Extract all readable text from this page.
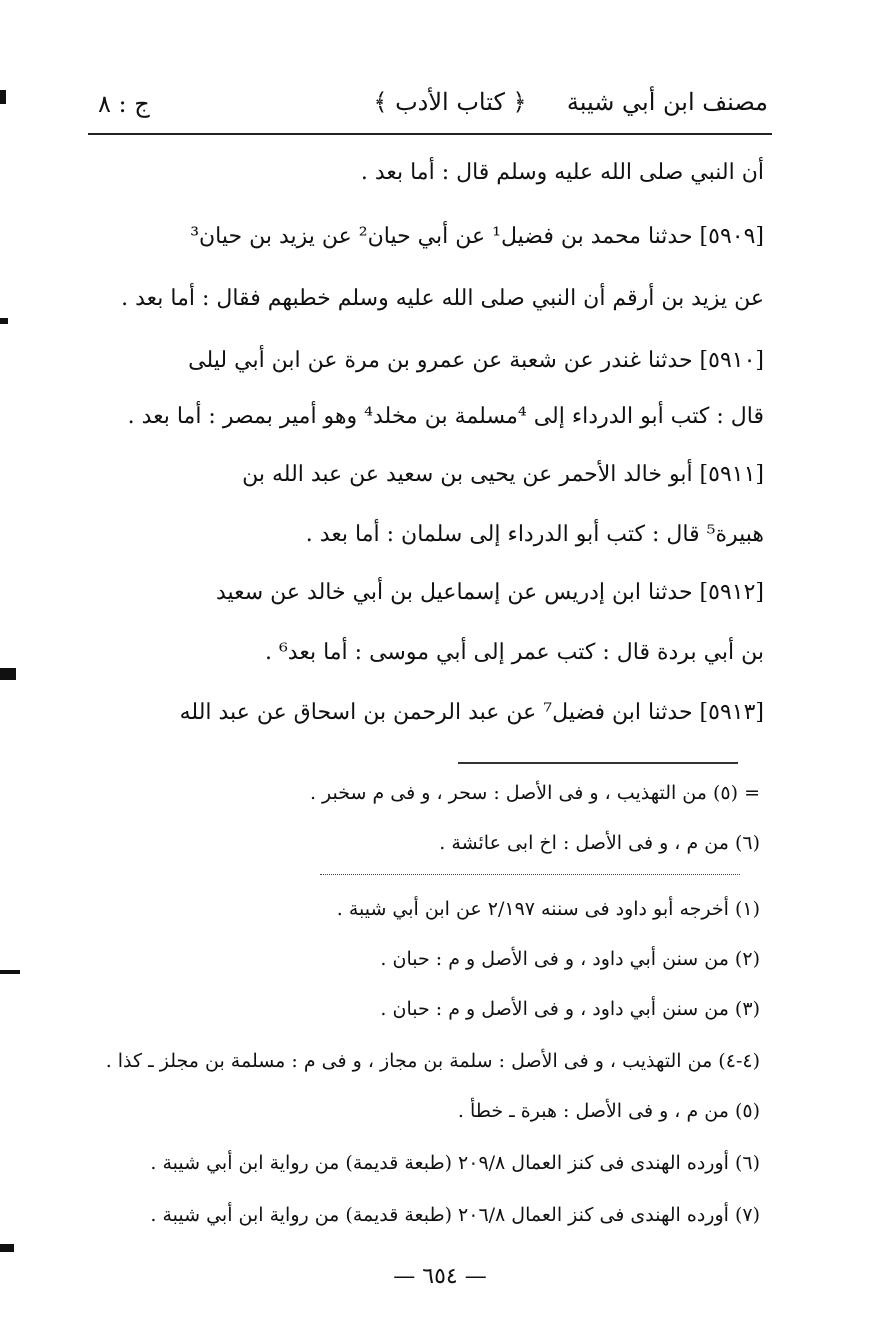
مصنف ابن أبي شيبة
﴿ كتاب الأدب ﴾
ج : ٨
أن النبي صلى الله عليه وسلم قال : أما بعد .
[٥٩٠٩] حدثنا محمد بن فضيل¹ عن أبي حيان² عن يزيد بن حيان³
عن يزيد بن أرقم أن النبي صلى الله عليه وسلم خطبهم فقال : أما بعد .
[٥٩١٠] حدثنا غندر عن شعبة عن عمرو بن مرة عن ابن أبي ليلى
قال : كتب أبو الدرداء إلى ⁴مسلمة بن مخلد⁴ وهو أمير بمصر : أما بعد .
[٥٩١١] أبو خالد الأحمر عن يحيى بن سعيد عن عبد الله بن
هبيرة⁵ قال : كتب أبو الدرداء إلى سلمان : أما بعد .
[٥٩١٢] حدثنا ابن إدريس عن إسماعيل بن أبي خالد عن سعيد
بن أبي بردة قال : كتب عمر إلى أبي موسى : أما بعد⁶ .
[٥٩١٣] حدثنا ابن فضيل⁷ عن عبد الرحمن بن اسحاق عن عبد الله
= (٥) من التهذيب ، و فى الأصل : سحر ، و فى م سخبر .
(٦) من م ، و فى الأصل : اخ ابى عائشة .
(١) أخرجه أبو داود فى سننه ٢/١٩٧ عن ابن أبي شيبة .
(٢) من سنن أبي داود ، و فى الأصل و م : حبان .
(٣) من سنن أبي داود ، و فى الأصل و م : حبان .
(٤-٤) من التهذيب ، و فى الأصل : سلمة بن مجاز ، و فى م : مسلمة بن مجلز ـ كذا .
(٥) من م ، و فى الأصل : هبرة ـ خطأ .
(٦) أورده الهندى فى كنز العمال ٢٠٩/٨ (طبعة قديمة) من رواية ابن أبي شيبة .
(٧) أورده الهندى فى كنز العمال ٢٠٦/٨ (طبعة قديمة) من رواية ابن أبي شيبة .
— ٦٥٤ —
